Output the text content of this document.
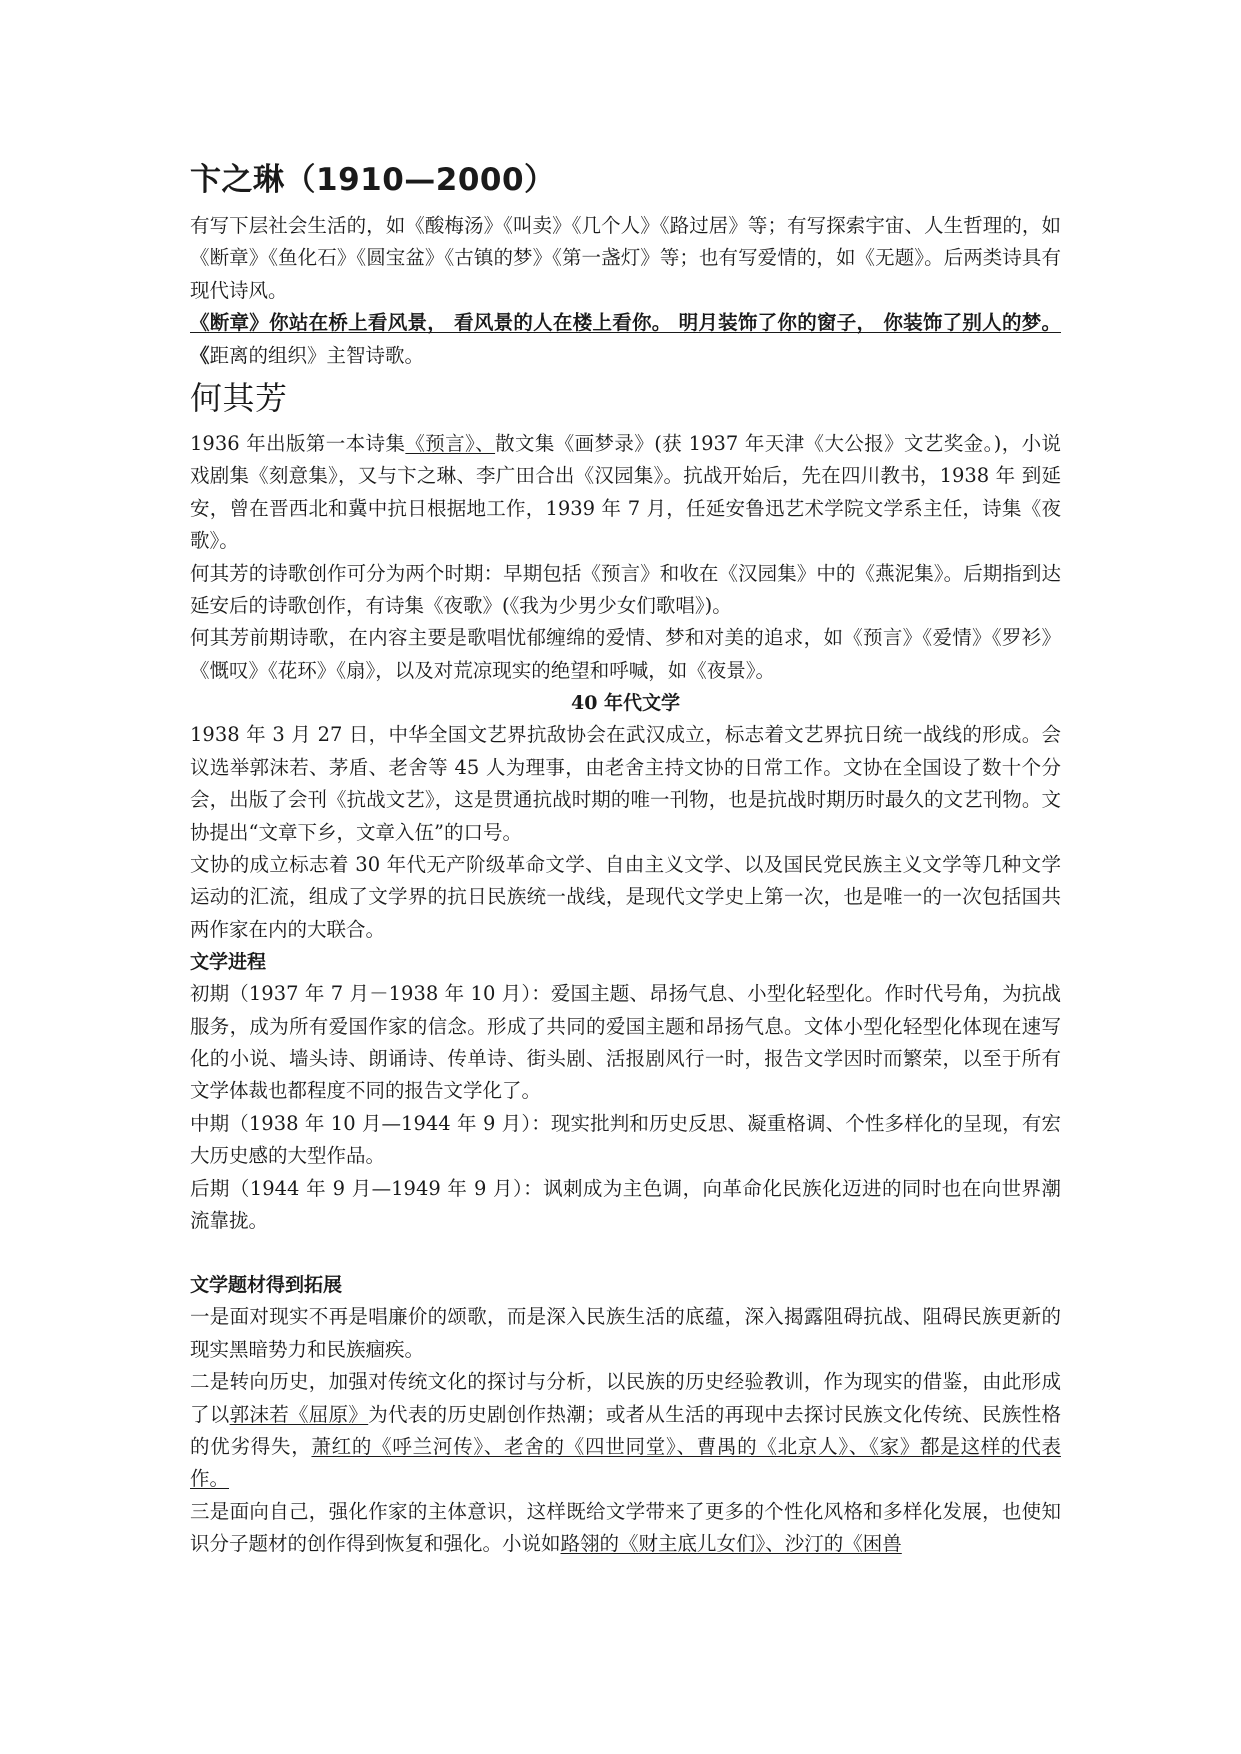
卞之琳（1910—2000）

有写下层社会生活的，如《酸梅汤》《叫卖》《几个人》《路过居》等；有写探索宇宙、人生哲理的，如《断章》《鱼化石》《圆宝盆》《古镇的梦》《第一盏灯》等；也有写爱情的，如《无题》。后两类诗具有现代诗风。

《断章》你站在桥上看风景， 看风景的人在楼上看你。 明月装饰了你的窗子， 你装饰了别人的梦。《距离的组织》主智诗歌。

何其芳

1936 年出版第一本诗集《预言》、散文集《画梦录》(获 1937 年天津《大公报》文艺奖金。)，小说戏剧集《刻意集》，又与卞之琳、李广田合出《汉园集》。抗战开始后，先在四川教书，1938 年 到延安，曾在晋西北和冀中抗日根据地工作，1939 年 7 月，任延安鲁迅艺术学院文学系主任，诗集《夜歌》。

何其芳的诗歌创作可分为两个时期：早期包括《预言》和收在《汉园集》中的《燕泥集》。后期指到达延安后的诗歌创作，有诗集《夜歌》(《我为少男少女们歌唱》)。

何其芳前期诗歌，在内容主要是歌唱忧郁缠绵的爱情、梦和对美的追求，如《预言》《爱情》《罗衫》《慨叹》《花环》《扇》，以及对荒凉现实的绝望和呼喊，如《夜景》。

40 年代文学

1938 年 3 月 27 日，中华全国文艺界抗敌协会在武汉成立，标志着文艺界抗日统一战线的形成。会议选举郭沫若、茅盾、老舍等 45 人为理事，由老舍主持文协的日常工作。文协在全国设了数十个分会，出版了会刊《抗战文艺》，这是贯通抗战时期的唯一刊物，也是抗战时期历时最久的文艺刊物。文协提出“文章下乡，文章入伍”的口号。

文协的成立标志着 30 年代无产阶级革命文学、自由主义文学、以及国民党民族主义文学等几种文学运动的汇流，组成了文学界的抗日民族统一战线，是现代文学史上第一次，也是唯一的一次包括国共两作家在内的大联合。

文学进程

初期（1937 年 7 月－1938 年 10 月）：爱国主题、昂扬气息、小型化轻型化。作时代号角，为抗战服务，成为所有爱国作家的信念。形成了共同的爱国主题和昂扬气息。文体小型化轻型化体现在速写化的小说、墙头诗、朗诵诗、传单诗、街头剧、活报剧风行一时，报告文学因时而繁荣，以至于所有文学体裁也都程度不同的报告文学化了。

中期（1938 年 10 月—1944 年 9 月）：现实批判和历史反思、凝重格调、个性多样化的呈现，有宏大历史感的大型作品。

后期（1944 年 9 月—1949 年 9 月）：讽刺成为主色调，向革命化民族化迈进的同时也在向世界潮流靠拢。

文学题材得到拓展

一是面对现实不再是唱廉价的颂歌，而是深入民族生活的底蕴，深入揭露阻碍抗战、阻碍民族更新的现实黑暗势力和民族痼疾。

二是转向历史，加强对传统文化的探讨与分析，以民族的历史经验教训，作为现实的借鉴，由此形成了以郭沫若《屈原》为代表的历史剧创作热潮；或者从生活的再现中去探讨民族文化传统、民族性格的优劣得失，萧红的《呼兰河传》、老舍的《四世同堂》、曹禺的《北京人》、《家》都是这样的代表作。

三是面向自己，强化作家的主体意识，这样既给文学带来了更多的个性化风格和多样化发展，也使知识分子题材的创作得到恢复和强化。小说如路翎的《财主底儿女们》、沙汀的《困兽
